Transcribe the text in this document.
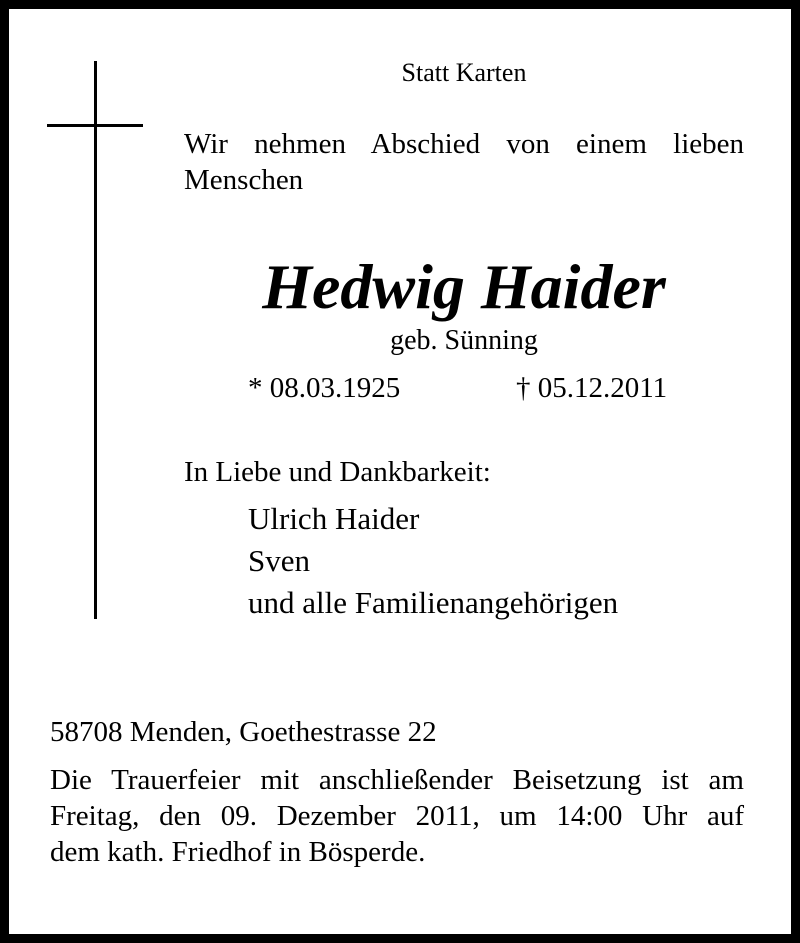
Statt Karten
Wir nehmen Abschied von einem lieben
Menschen
Hedwig Haider
geb. Sünning
* 08.03.1925	† 05.12.2011
In Liebe und Dankbarkeit:
Ulrich Haider
Sven
und alle Familienangehörigen
58708 Menden, Goethestrasse 22
Die Trauerfeier mit anschließender Beisetzung ist am
Freitag, den 09. Dezember 2011, um 14:00 Uhr auf
dem kath. Friedhof in Bösperde.
